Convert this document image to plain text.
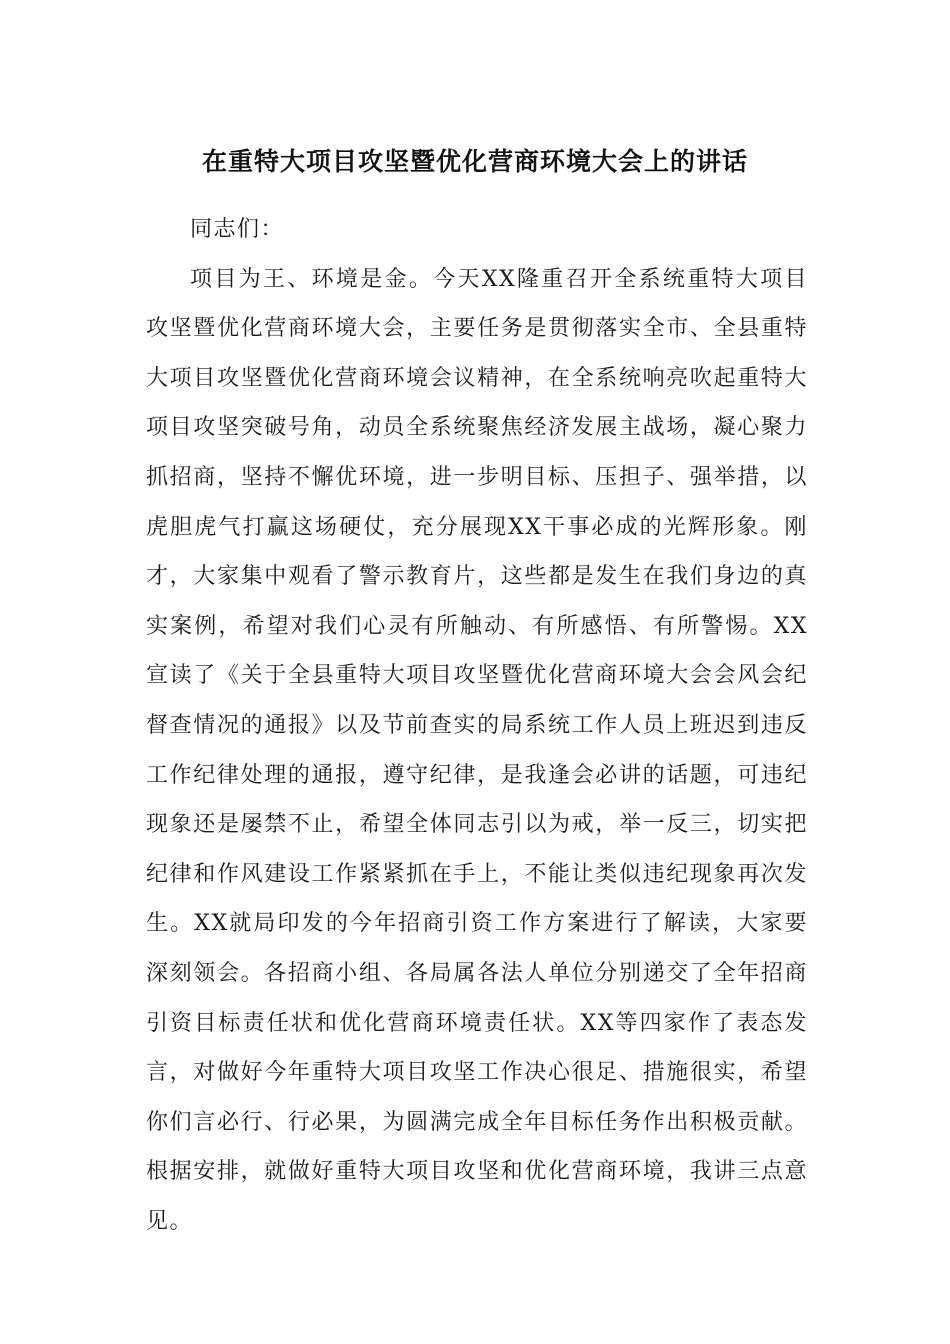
在重特大项目攻坚暨优化营商环境大会上的讲话

同志们：

项目为王、环境是金。今天XX隆重召开全系统重特大项目攻坚暨优化营商环境大会，主要任务是贯彻落实全市、全县重特大项目攻坚暨优化营商环境会议精神，在全系统响亮吹起重特大项目攻坚突破号角，动员全系统聚焦经济发展主战场，凝心聚力抓招商，坚持不懈优环境，进一步明目标、压担子、强举措，以虎胆虎气打赢这场硬仗，充分展现XX干事必成的光辉形象。刚才，大家集中观看了警示教育片，这些都是发生在我们身边的真实案例，希望对我们心灵有所触动、有所感悟、有所警惕。XX宣读了《关于全县重特大项目攻坚暨优化营商环境大会会风会纪督查情况的通报》以及节前查实的局系统工作人员上班迟到违反工作纪律处理的通报，遵守纪律，是我逢会必讲的话题，可违纪现象还是屡禁不止，希望全体同志引以为戒，举一反三，切实把纪律和作风建设工作紧紧抓在手上，不能让类似违纪现象再次发生。XX就局印发的今年招商引资工作方案进行了解读，大家要深刻领会。各招商小组、各局属各法人单位分别递交了全年招商引资目标责任状和优化营商环境责任状。XX等四家作了表态发言，对做好今年重特大项目攻坚工作决心很足、措施很实，希望你们言必行、行必果，为圆满完成全年目标任务作出积极贡献。根据安排，就做好重特大项目攻坚和优化营商环境，我讲三点意见。
